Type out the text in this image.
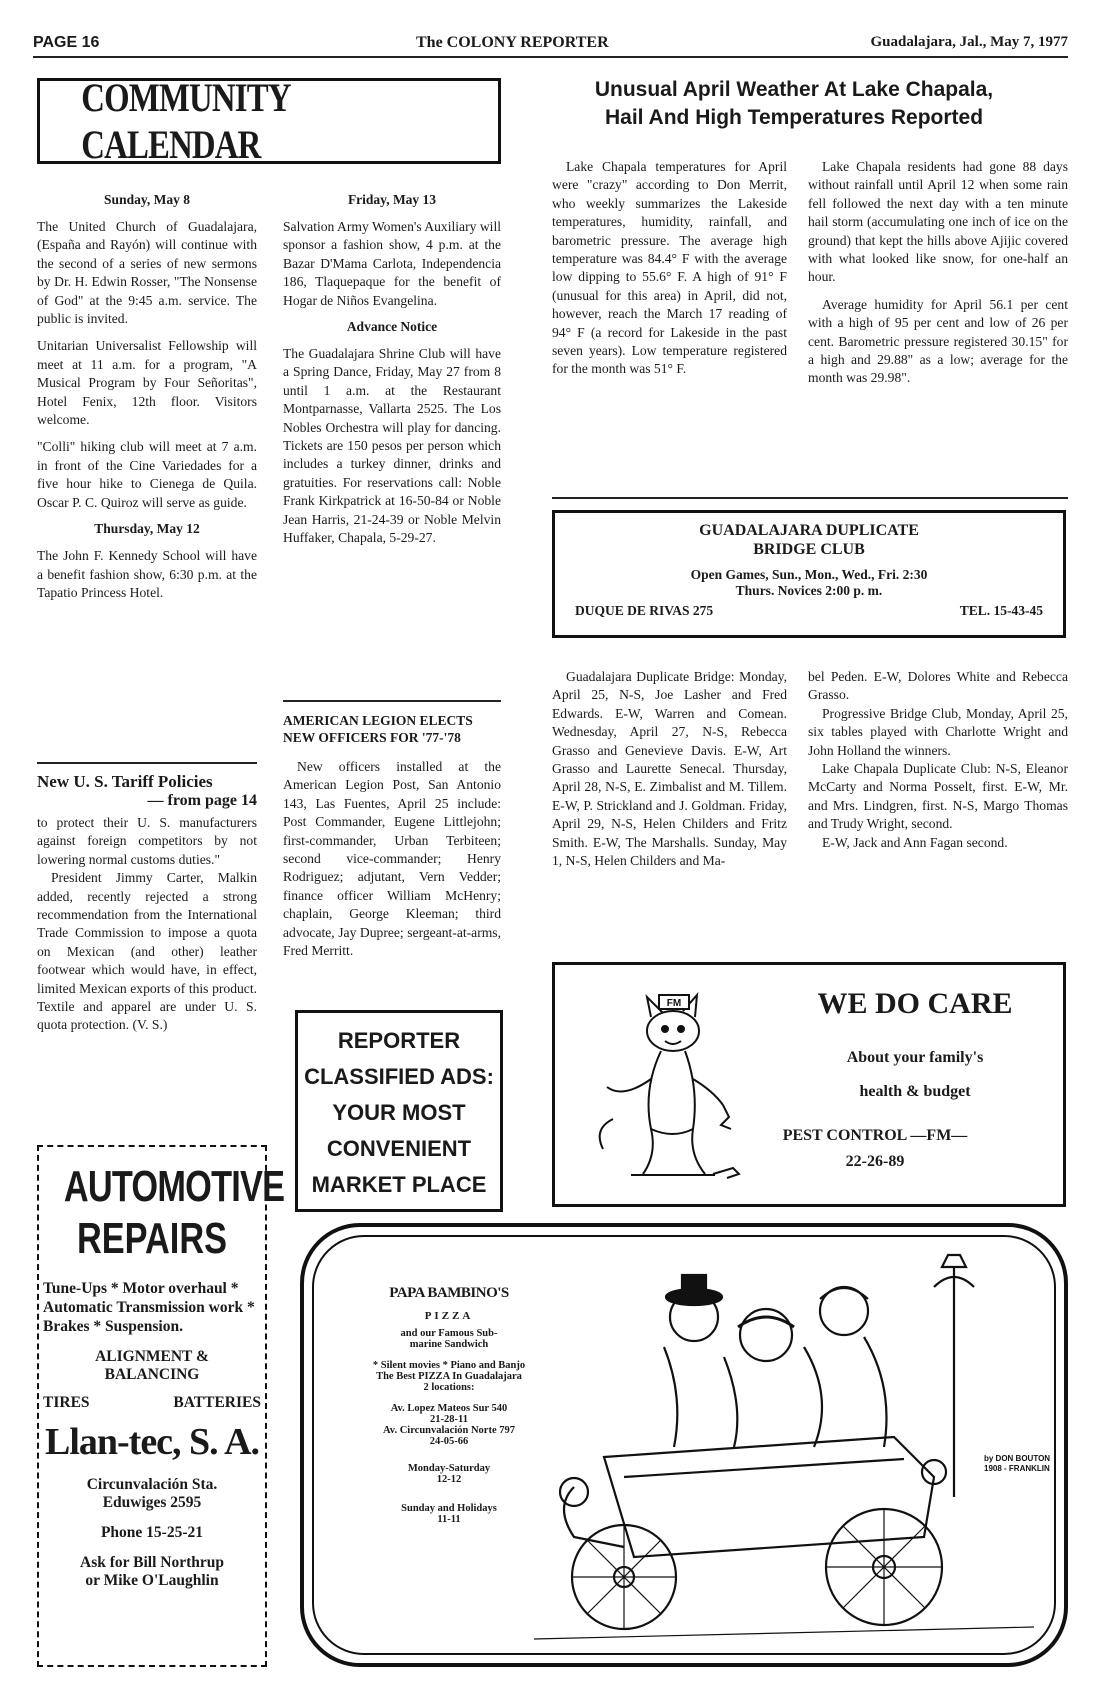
PAGE 16	The COLONY REPORTER	Guadalajara, Jal., May 7, 1977
COMMUNITY CALENDAR
Sunday, May 8

The United Church of Guadalajara, (España and Rayón) will continue with the second of a series of new sermons by Dr. H. Edwin Rosser, "The Nonsense of God" at the 9:45 a.m. service. The public is invited.

Unitarian Universalist Fellowship will meet at 11 a.m. for a program, "A Musical Program by Four Señoritas", Hotel Fenix, 12th floor. Visitors welcome.

"Colli" hiking club will meet at 7 a.m. in front of the Cine Variedades for a five hour hike to Cienega de Quila. Oscar P. C. Quiroz will serve as guide.

Thursday, May 12

The John F. Kennedy School will have a benefit fashion show, 6:30 p.m. at the Tapatio Princess Hotel.

Friday, May 13

Salvation Army Women's Auxiliary will sponsor a fashion show, 4 p.m. at the Bazar D'Mama Carlota, Independencia 186, Tlaquepaque for the benefit of Hogar de Niños Evangelina.

Advance Notice

The Guadalajara Shrine Club will have a Spring Dance, Friday, May 27 from 8 until 1 a.m. at the Restaurant Montparnasse, Vallarta 2525. The Los Nobles Orchestra will play for dancing. Tickets are 150 pesos per person which includes a turkey dinner, drinks and gratuities. For reservations call: Noble Frank Kirkpatrick at 16-50-84 or Noble Jean Harris, 21-24-39 or Noble Melvin Huffaker, Chapala, 5-29-27.

New U. S. Tariff Policies
— from page 14

to protect their U. S. manufacturers against foreign competitors by not lowering normal customs duties."

President Jimmy Carter, Malkin added, recently rejected a strong recommendation from the International Trade Commission to impose a quota on Mexican (and other) leather footwear which would have, in effect, limited Mexican exports of this product. Textile and apparel are under U. S. quota protection. (V. S.)

AMERICAN LEGION ELECTS NEW OFFICERS FOR '77-'78

New officers installed at the American Legion Post, San Antonio 143, Las Fuentes, April 25 include: Post Commander, Eugene Littlejohn; first-commander, Urban Terbiteen; second vice-commander; Henry Rodriguez; adjutant, Vern Vedder; finance officer William McHenry; chaplain, George Kleeman; third advocate, Jay Dupree; sergeant-at-arms, Fred Merritt.

REPORTER
CLASSIFIED ADS:
YOUR MOST
CONVENIENT
MARKET PLACE
AUTOMOTIVE
REPAIRS
Tune-Ups * Motor overhaul * Automatic Transmission work * Brakes * Suspension.
ALIGNMENT &
BALANCING
TIRES	BATTERIES
Llan-tec, S. A.
Circunvalación Sta.
Eduwiges 2595
Phone 15-25-21
Ask for Bill Northrup
or Mike O'Laughlin
Unusual April Weather At Lake Chapala,
Hail And High Temperatures Reported

Lake Chapala temperatures for April were "crazy" according to Don Merrit, who weekly summarizes the Lakeside temperatures, humidity, rainfall, and barometric pressure. The average high temperature was 84.4° F with the average low dipping to 55.6° F. A high of 91° F (unusual for this area) in April, did not, however, reach the March 17 reading of 94° F (a record for Lakeside in the past seven years). Low temperature registered for the month was 51° F.

Lake Chapala residents had gone 88 days without rainfall until April 12 when some rain fell followed the next day with a ten minute hail storm (accumulating one inch of ice on the ground) that kept the hills above Ajijic covered with what looked like snow, for one-half an hour.

Average humidity for April 56.1 per cent with a high of 95 per cent and low of 26 per cent. Barometric pressure registered 30.15" for a high and 29.88" as a low; average for the month was 29.98".

GUADALAJARA DUPLICATE
BRIDGE CLUB
Open Games, Sun., Mon., Wed., Fri. 2:30
Thurs. Novices 2:00 p. m.
DUQUE DE RIVAS 275	TEL. 15-43-45

Guadalajara Duplicate Bridge: Monday, April 25, N-S, Joe Lasher and Fred Edwards. E-W, Warren and Comean. Wednesday, April 27, N-S, Rebecca Grasso and Genevieve Davis. E-W, Art Grasso and Laurette Senecal. Thursday, April 28, N-S, E. Zimbalist and M. Tillem. E-W, P. Strickland and J. Goldman. Friday, April 29, N-S, Helen Childers and Fritz Smith. E-W, The Marshalls. Sunday, May 1, N-S, Helen Childers and Ma-

bel Peden. E-W, Dolores White and Rebecca Grasso.

Progressive Bridge Club, Monday, April 25, six tables played with Charlotte Wright and John Holland the winners.

Lake Chapala Duplicate Club: N-S, Eleanor McCarty and Norma Posselt, first. E-W, Mr. and Mrs. Lindgren, first. N-S, Margo Thomas and Trudy Wright, second.

E-W, Jack and Ann Fagan second.

FM	WE DO CARE
About your family's
health & budget
PEST CONTROL —FM—
22-26-89
PAPA BAMBINO'S
PIZZA
and our Famous Sub-
marine Sandwich
* Silent movies * Piano and Banjo
The Best PIZZA In Guadalajara
2 locations:
Av. Lopez Mateos Sur 540
21-28-11
Av. Circunvalación Norte 797
24-05-66
Monday-Saturday
12-12
Sunday and Holidays
11-11
by DON BOUTON
1908 - FRANKLIN
